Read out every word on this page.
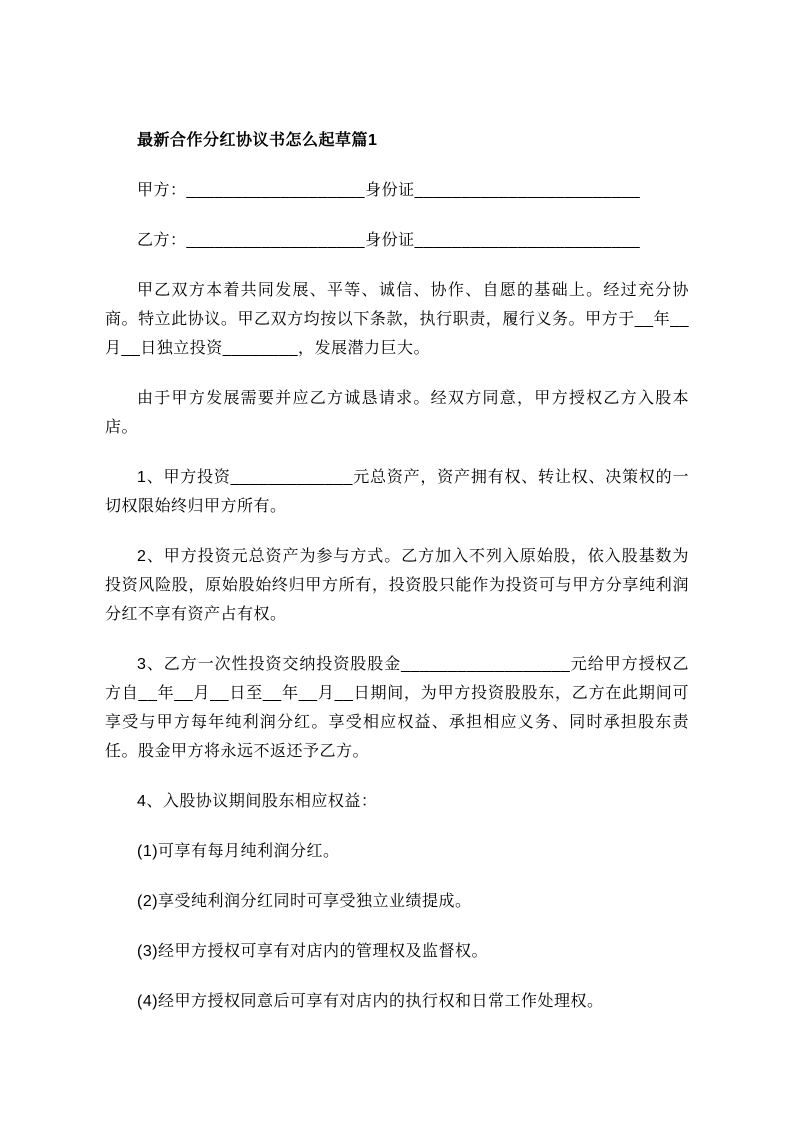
最新合作分红协议书怎么起草篇1

甲方：___________________身份证________________________

乙方：___________________身份证________________________

甲乙双方本着共同发展、平等、诚信、协作、自愿的基础上。经过充分协商。特立此协议。甲乙双方均按以下条款，执行职责，履行义务。甲方于__年__月__日独立投资________，发展潜力巨大。

由于甲方发展需要并应乙方诚恳请求。经双方同意，甲方授权乙方入股本店。

1、甲方投资_____________元总资产，资产拥有权、转让权、决策权的一切权限始终归甲方所有。

2、甲方投资元总资产为参与方式。乙方加入不列入原始股，依入股基数为投资风险股，原始股始终归甲方所有，投资股只能作为投资可与甲方分享纯利润分红不享有资产占有权。

3、乙方一次性投资交纳投资股股金__________________元给甲方授权乙方自__年__月__日至__年__月__日期间，为甲方投资股股东，乙方在此期间可享受与甲方每年纯利润分红。享受相应权益、承担相应义务、同时承担股东责任。股金甲方将永远不返还予乙方。

4、入股协议期间股东相应权益：

(1)可享有每月纯利润分红。

(2)享受纯利润分红同时可享受独立业绩提成。

(3)经甲方授权可享有对店内的管理权及监督权。

(4)经甲方授权同意后可享有对店内的执行权和日常工作处理权。
